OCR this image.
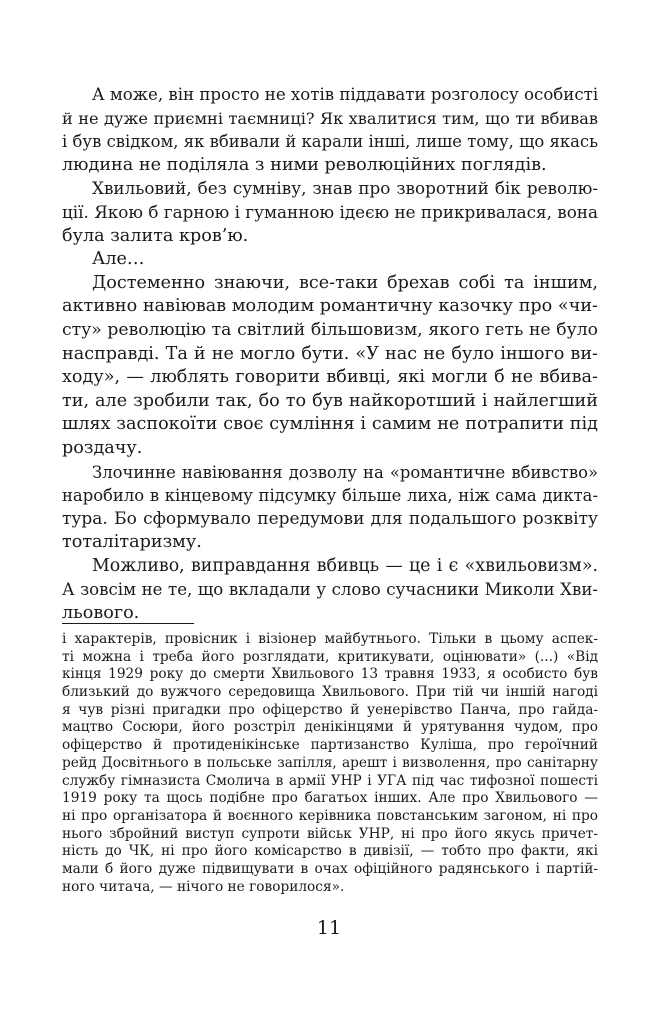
А може, він просто не хотів піддавати розголосу особисті
й не дуже приємні таємниці? Як хвалитися тим, що ти вбивав
і був свідком, як вбивали й карали інші, лише тому, що якась
людина не поділяла з ними революційних поглядів.
Хвильовий, без сумніву, знав про зворотний бік револю-
ції. Якою б гарною і гуманною ідеєю не прикривалася, вона
була залита кров’ю.
Але…
Достеменно знаючи, все-таки брехав собі та іншим,
активно навіював молодим романтичну казочку про «чи-
сту» революцію та світлий більшовизм, якого геть не було
насправді. Та й не могло бути. «У нас не було іншого ви-
ходу», — люблять говорити вбивці, які могли б не вбива-
ти, але зробили так, бо то був найкоротший і найлегший
шлях заспокоїти своє сумління і самим не потрапити під
роздачу.
Злочинне навіювання дозволу на «романтичне вбивство»
наробило в кінцевому підсумку більше лиха, ніж сама дикта-
тура. Бо сформувало передумови для подальшого розквіту
тоталітаризму.
Можливо, виправдання вбивць — це і є «хвильовизм».
А зовсім не те, що вкладали у слово сучасники Миколи Хви-
льового.
і характерів, провісник і візіонер майбутнього. Тільки в цьому аспек-
ті можна і треба його розглядати, критикувати, оцінювати» (...) «Від
кінця 1929 року до смерти Хвильового 13 травня 1933, я особисто був
близький до вужчого середовища Хвильового. При тій чи іншій нагоді
я чув різні пригадки про офіцерство й уенерівство Панча, про гайда-
мацтво Сосюри, його розстріл денікінцями й урятування чудом, про
офіцерство й протиденікінське партизанство Куліша, про героїчний
рейд Досвітнього в польське запілля, арешт і визволення, про санітарну
службу гімназиста Смолича в армії УНР і УГА під час тифозної пошесті
1919 року та щось подібне про багатьох інших. Але про Хвильового —
ні про організатора й воєнного керівника повстанським загоном, ні про
нього збройний виступ супроти військ УНР, ні про його якусь причет-
ність до ЧК, ні про його комісарство в дивізії, — тобто про факти, які
мали б його дуже підвищувати в очах офіційного радянського і партій-
ного читача, — нічого не говорилося».
11
